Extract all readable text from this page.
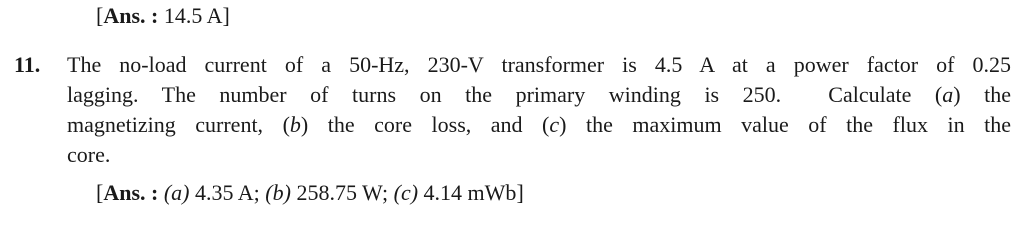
[Ans. : 14.5 A]
11. The no-load current of a 50-Hz, 230-V transformer is 4.5 A at a power factor of 0.25
lagging. The number of turns on the primary winding is 250.  Calculate (a) the
magnetizing current, (b) the core loss, and (c) the maximum value of the flux in the
core.
[Ans. : (a) 4.35 A; (b) 258.75 W; (c) 4.14 mWb]
